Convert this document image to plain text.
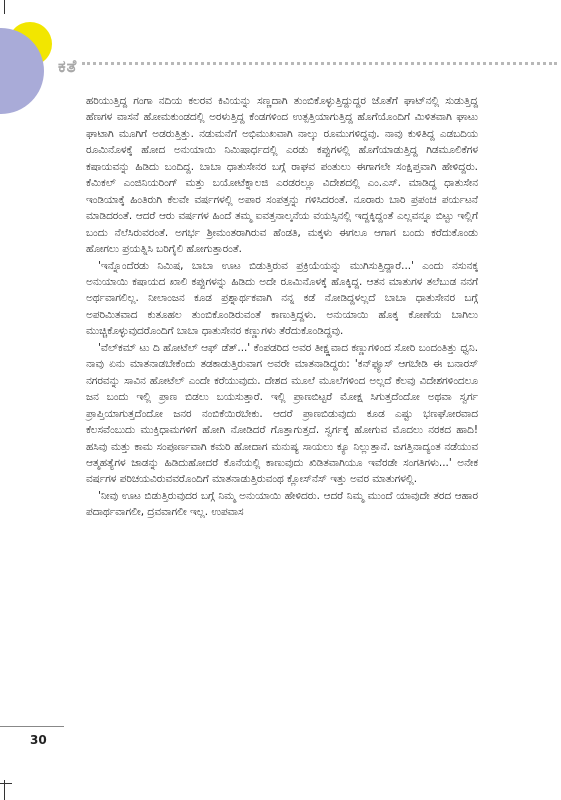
ಕತೆ

ಹರಿಯುತ್ತಿದ್ದ ಗಂಗಾ ನದಿಯ ಕಲರವ ಕಿವಿಯನ್ನು ಸಣ್ಣದಾಗಿ ತುಂಬಿಕೊಳ್ಳುತ್ತಿದ್ದುದ್ದರ ಜೊತೆಗೆ ಘಾಟ್‌ನಲ್ಲಿ ಸುಡುತ್ತಿದ್ದ ಹೆಣಗಳ ವಾಸನೆ ಹೋಮಕುಂಡದಲ್ಲಿ ಅರಳುತ್ತಿದ್ದ ಕೆಂಡಗಳಿಂದ ಉತ್ಪತ್ತಿಯಾಗುತ್ತಿದ್ದ ಹೊಗೆಯೊಂದಿಗೆ ಮಿಳಿತವಾಗಿ ಘಾಟು ಘಾಟಾಗಿ ಮೂಗಿಗೆ ಅಡರುತ್ತಿತ್ತು. ನಡುಮನೆಗೆ ಅಭಿಮುಖವಾಗಿ ನಾಲ್ಕು ರೂಮುಗಳಿದ್ದವು. ನಾವು ಕುಳಿತಿದ್ದ ಎಡಬದಿಯ ರೂಮಿನೊಳಕ್ಕೆ ಹೋದ ಅನುಯಾಯಿ ನಿಮಿಷಾರ್ಧದಲ್ಲಿ ಎರಡು ಕಪ್ಪುಗಳಲ್ಲಿ ಹೊಗೆಯಾಡುತ್ತಿದ್ದ ಗಿಡಮೂಲಿಕೆಗಳ ಕಷಾಯವನ್ನು ಹಿಡಿದು ಬಂದಿದ್ದ. ಬಾಬಾ ಧಾತುಸೇನರ ಬಗ್ಗೆ ರಾಘವ ಪಂತುಲು ಈಗಾಗಲೇ ಸಂಕ್ಷಿಪ್ತವಾಗಿ ಹೇಳಿದ್ದರು. ಕೆಮಿಕಲ್ ಎಂಜಿನಿಯರಿಂಗ್ ಮತ್ತು ಬಯೋಟೆಕ್ನಾಲಜಿ ಎರಡರಲ್ಲೂ ವಿದೇಶದಲ್ಲಿ ಎಂ.ಎಸ್. ಮಾಡಿದ್ದ ಧಾತುಸೇನ ಇಂಡಿಯಾಕ್ಕೆ ಹಿಂತಿರುಗಿ ಕೆಲವೇ ವರ್ಷಗಳಲ್ಲಿ ಅಪಾರ ಸಂಪತ್ತನ್ನು ಗಳಿಸಿದರಂತೆ. ನೂರಾರು ಬಾರಿ ಪ್ರಪಂಚ ಪರ್ಯಟನೆ ಮಾಡಿದರಂತೆ. ಆದರೆ ಆರು ವರ್ಷಗಳ ಹಿಂದೆ ತಮ್ಮ ಐವತ್ತನಾಲ್ಕನೆಯ ವಯಸ್ಸಿನಲ್ಲಿ ಇದ್ದಕ್ಕಿದ್ದಂತೆ ಎಲ್ಲವನ್ನೂ ಬಿಟ್ಟು ಇಲ್ಲಿಗೆ ಬಂದು ನೆಲೆಸಿರುವರಂತೆ. ಅಗರ್ಭ ಶ್ರೀಮಂತರಾಗಿರುವ ಹೆಂಡತಿ, ಮಕ್ಕಳು ಈಗಲೂ ಆಗಾಗ ಬಂದು ಕರೆದುಕೊಂಡು ಹೋಗಲು ಪ್ರಯತ್ನಿಸಿ ಬರಿಗೈಲಿ ಹೋಗುತ್ತಾರಂತೆ.

'ಇನ್ನೊಂದೆರಡು ನಿಮಿಷ, ಬಾಬಾ ಊಟ ಬಿಡುತ್ತಿರುವ ಪ್ರಕ್ರಿಯೆಯನ್ನು ಮುಗಿಸುತ್ತಿದ್ದಾರೆ...' ಎಂದು ನಸುನಕ್ಕ ಅನುಯಾಯಿ ಕಷಾಯದ ಖಾಲಿ ಕಪ್ಪುಗಳನ್ನು ಹಿಡಿದು ಅದೇ ರೂಮಿನೊಳಕ್ಕೆ ಹೊಕ್ಕಿದ್ದ. ಆತನ ಮಾತುಗಳ ತಲೆಬುಡ ನನಗೆ ಅರ್ಥವಾಗಲಿಲ್ಲ. ನೀಲಾಂಜನ ಕೂಡ ಪ್ರಶ್ನಾರ್ಥಕವಾಗಿ ನನ್ನ ಕಡೆ ನೋಡಿದ್ದಳಲ್ಲದೆ ಬಾಬಾ ಧಾತುಸೇನರ ಬಗ್ಗೆ ಅಪರಿಮಿತವಾದ ಕುತೂಹಲ ತುಂಬಿಕೊಂಡಿರುವಂತೆ ಕಾಣುತ್ತಿದ್ದಳು. ಅನುಯಾಯಿ ಹೊಕ್ಕ ಕೋಣೆಯ ಬಾಗಿಲು ಮುಚ್ಚಿಕೊಳ್ಳುವುದರೊಂದಿಗೆ ಬಾಬಾ ಧಾತುಸೇನರ ಕಣ್ಣುಗಳು ತೆರೆದುಕೊಂಡಿದ್ದವು.

'ವೆಲ್‌ಕಮ್ ಟು ದಿ ಹೋಟೆಲ್ ಆಫ್ ಡೆತ್...' ಕೆಂಪಡರಿದ ಅವರ ತೀಕ್ಷ್ಣವಾದ ಕಣ್ಣುಗಳಿಂದ ಸೋರಿ ಬಂದಂತಿತ್ತು ಧ್ವನಿ. ನಾವು ಏನು ಮಾತನಾಡಬೇಕೆಂದು ತಡಕಾಡುತ್ತಿರುವಾಗ ಅವರೇ ಮಾತನಾಡಿದ್ದರು: 'ಕನ್‌ಫ್ಯೂಸ್ ಆಗಬೇಡಿ ಈ ಬನಾರಸ್ ನಗರವನ್ನು ಸಾವಿನ ಹೋಟೆಲ್ ಎಂದೇ ಕರೆಯುವುದು. ದೇಶದ ಮೂಲೆ ಮೂಲೆಗಳಿಂದ ಅಲ್ಲದೆ ಕೆಲವು ವಿದೇಶಗಳಿಂದಲೂ ಜನ ಬಂದು ಇಲ್ಲಿ ಪ್ರಾಣ ಬಿಡಲು ಬಯಸುತ್ತಾರೆ. ಇಲ್ಲಿ ಪ್ರಾಣಬಿಟ್ಟರೆ ಮೋಕ್ಷ ಸಿಗುತ್ತದೆಂದೋ ಅಥವಾ ಸ್ವರ್ಗ ಪ್ರಾಪ್ತಿಯಾಗುತ್ತದೆಂದೋ ಜನರ ನಂಬಿಕೆಯಿರಬೇಕು. ಆದರೆ ಪ್ರಾಣಬಿಡುವುದು ಕೂಡ ಎಷ್ಟು ಭಣಘೋರವಾದ ಕೆಲಸವೆಂಬುದು ಮುಕ್ತಿಧಾಮಗಳಿಗೆ ಹೋಗಿ ನೋಡಿದರೆ ಗೊತ್ತಾಗುತ್ತದೆ. ಸ್ವರ್ಗಕ್ಕೆ ಹೋಗುವ ಮೊದಲು ನರಕದ ಹಾದಿ! ಹಸಿವು ಮತ್ತು ಕಾಮ ಸಂಪೂರ್ಣವಾಗಿ ಕಮರಿ ಹೋದಾಗ ಮನುಷ್ಯ ಸಾಯಲು ಕ್ಯೂ ನಿಲ್ಲುತ್ತಾನೆ. ಜಗತ್ತಿನಾದ್ಯಂತ ನಡೆಯುವ ಆತ್ಮಹತ್ಯೆಗಳ ಜಾಡನ್ನು ಹಿಡಿದುಹೋದರೆ ಕೊನೆಯಲ್ಲಿ ಕಾಣುವುದು ಖಿಡಿತವಾಗಿಯೂ ಇವೆರಡೇ ಸಂಗತಿಗಳು...' ಅನೇಕ ವರ್ಷಗಳ ಪರಿಚಯವಿರುವವರೊಂದಿಗೆ ಮಾತನಾಡುತ್ತಿರುವಂಥ ಕ್ಲೋಸ್‌ನೆಸ್ ಇತ್ತು ಅವರ ಮಾತುಗಳಲ್ಲಿ.

'ನೀವು ಊಟ ಬಿಡುತ್ತಿರುವುದರ ಬಗ್ಗೆ ನಿಮ್ಮ ಅನುಯಾಯಿ ಹೇಳಿದರು. ಆದರೆ ನಿಮ್ಮ ಮುಂದೆ ಯಾವುದೇ ತರದ ಆಹಾರ ಪದಾರ್ಥವಾಗಲೀ, ದ್ರವವಾಗಲೀ ಇಲ್ಲ. ಉಪವಾಸ

30
